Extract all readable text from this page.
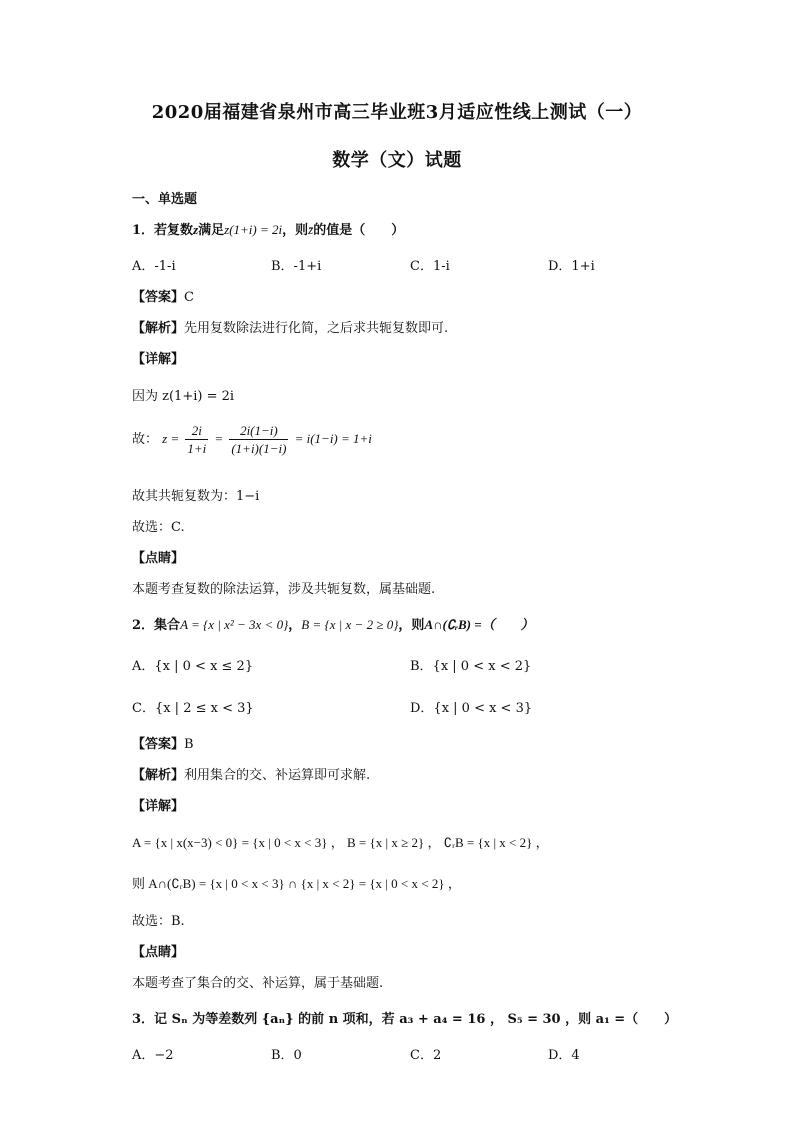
2020届福建省泉州市高三毕业班3月适应性线上测试（一）
数学（文）试题
一、单选题
1．若复数z满足z(1+i) = 2i，则z̄的值是（　　）
A．-1-i	B．-1+i	C．1-i	D．1+i
【答案】C
【解析】先用复数除法进行化简，之后求共轭复数即可.
【详解】
因为 z(1+i) = 2i
故： $z = \frac{2i}{1+i} = \frac{2i(1-i)}{(1+i)(1-i)} = i(1-i) = 1+i$
故其共轭复数为：1−i
故选：C.
【点睛】
本题考查复数的除法运算，涉及共轭复数，属基础题.
2．集合A = {x | x² − 3x < 0}，B = {x | x − 2 ≥ 0}，则A∩(∁ᵣB) =（　　）
A．{x | 0 < x ≤ 2}	B．{x | 0 < x < 2}
C．{x | 2 ≤ x < 3}	D．{x | 0 < x < 3}
【答案】B
【解析】利用集合的交、补运算即可求解.
【详解】
A = {x | x(x−3) < 0} = {x | 0 < x < 3} ， B = {x | x ≥ 2} ， ∁ᵣB = {x | x < 2} ，
则 A∩(∁ᵣB) = {x | 0 < x < 3} ∩ {x | x < 2} = {x | 0 < x < 2} ，
故选：B.
【点睛】
本题考查了集合的交、补运算，属于基础题.
3．记 Sₙ 为等差数列 {aₙ} 的前 n 项和，若 a₃ + a₄ = 16 ， S₅ = 30 ，则 a₁ =（　　）
A．−2	B．0	C．2	D．4
